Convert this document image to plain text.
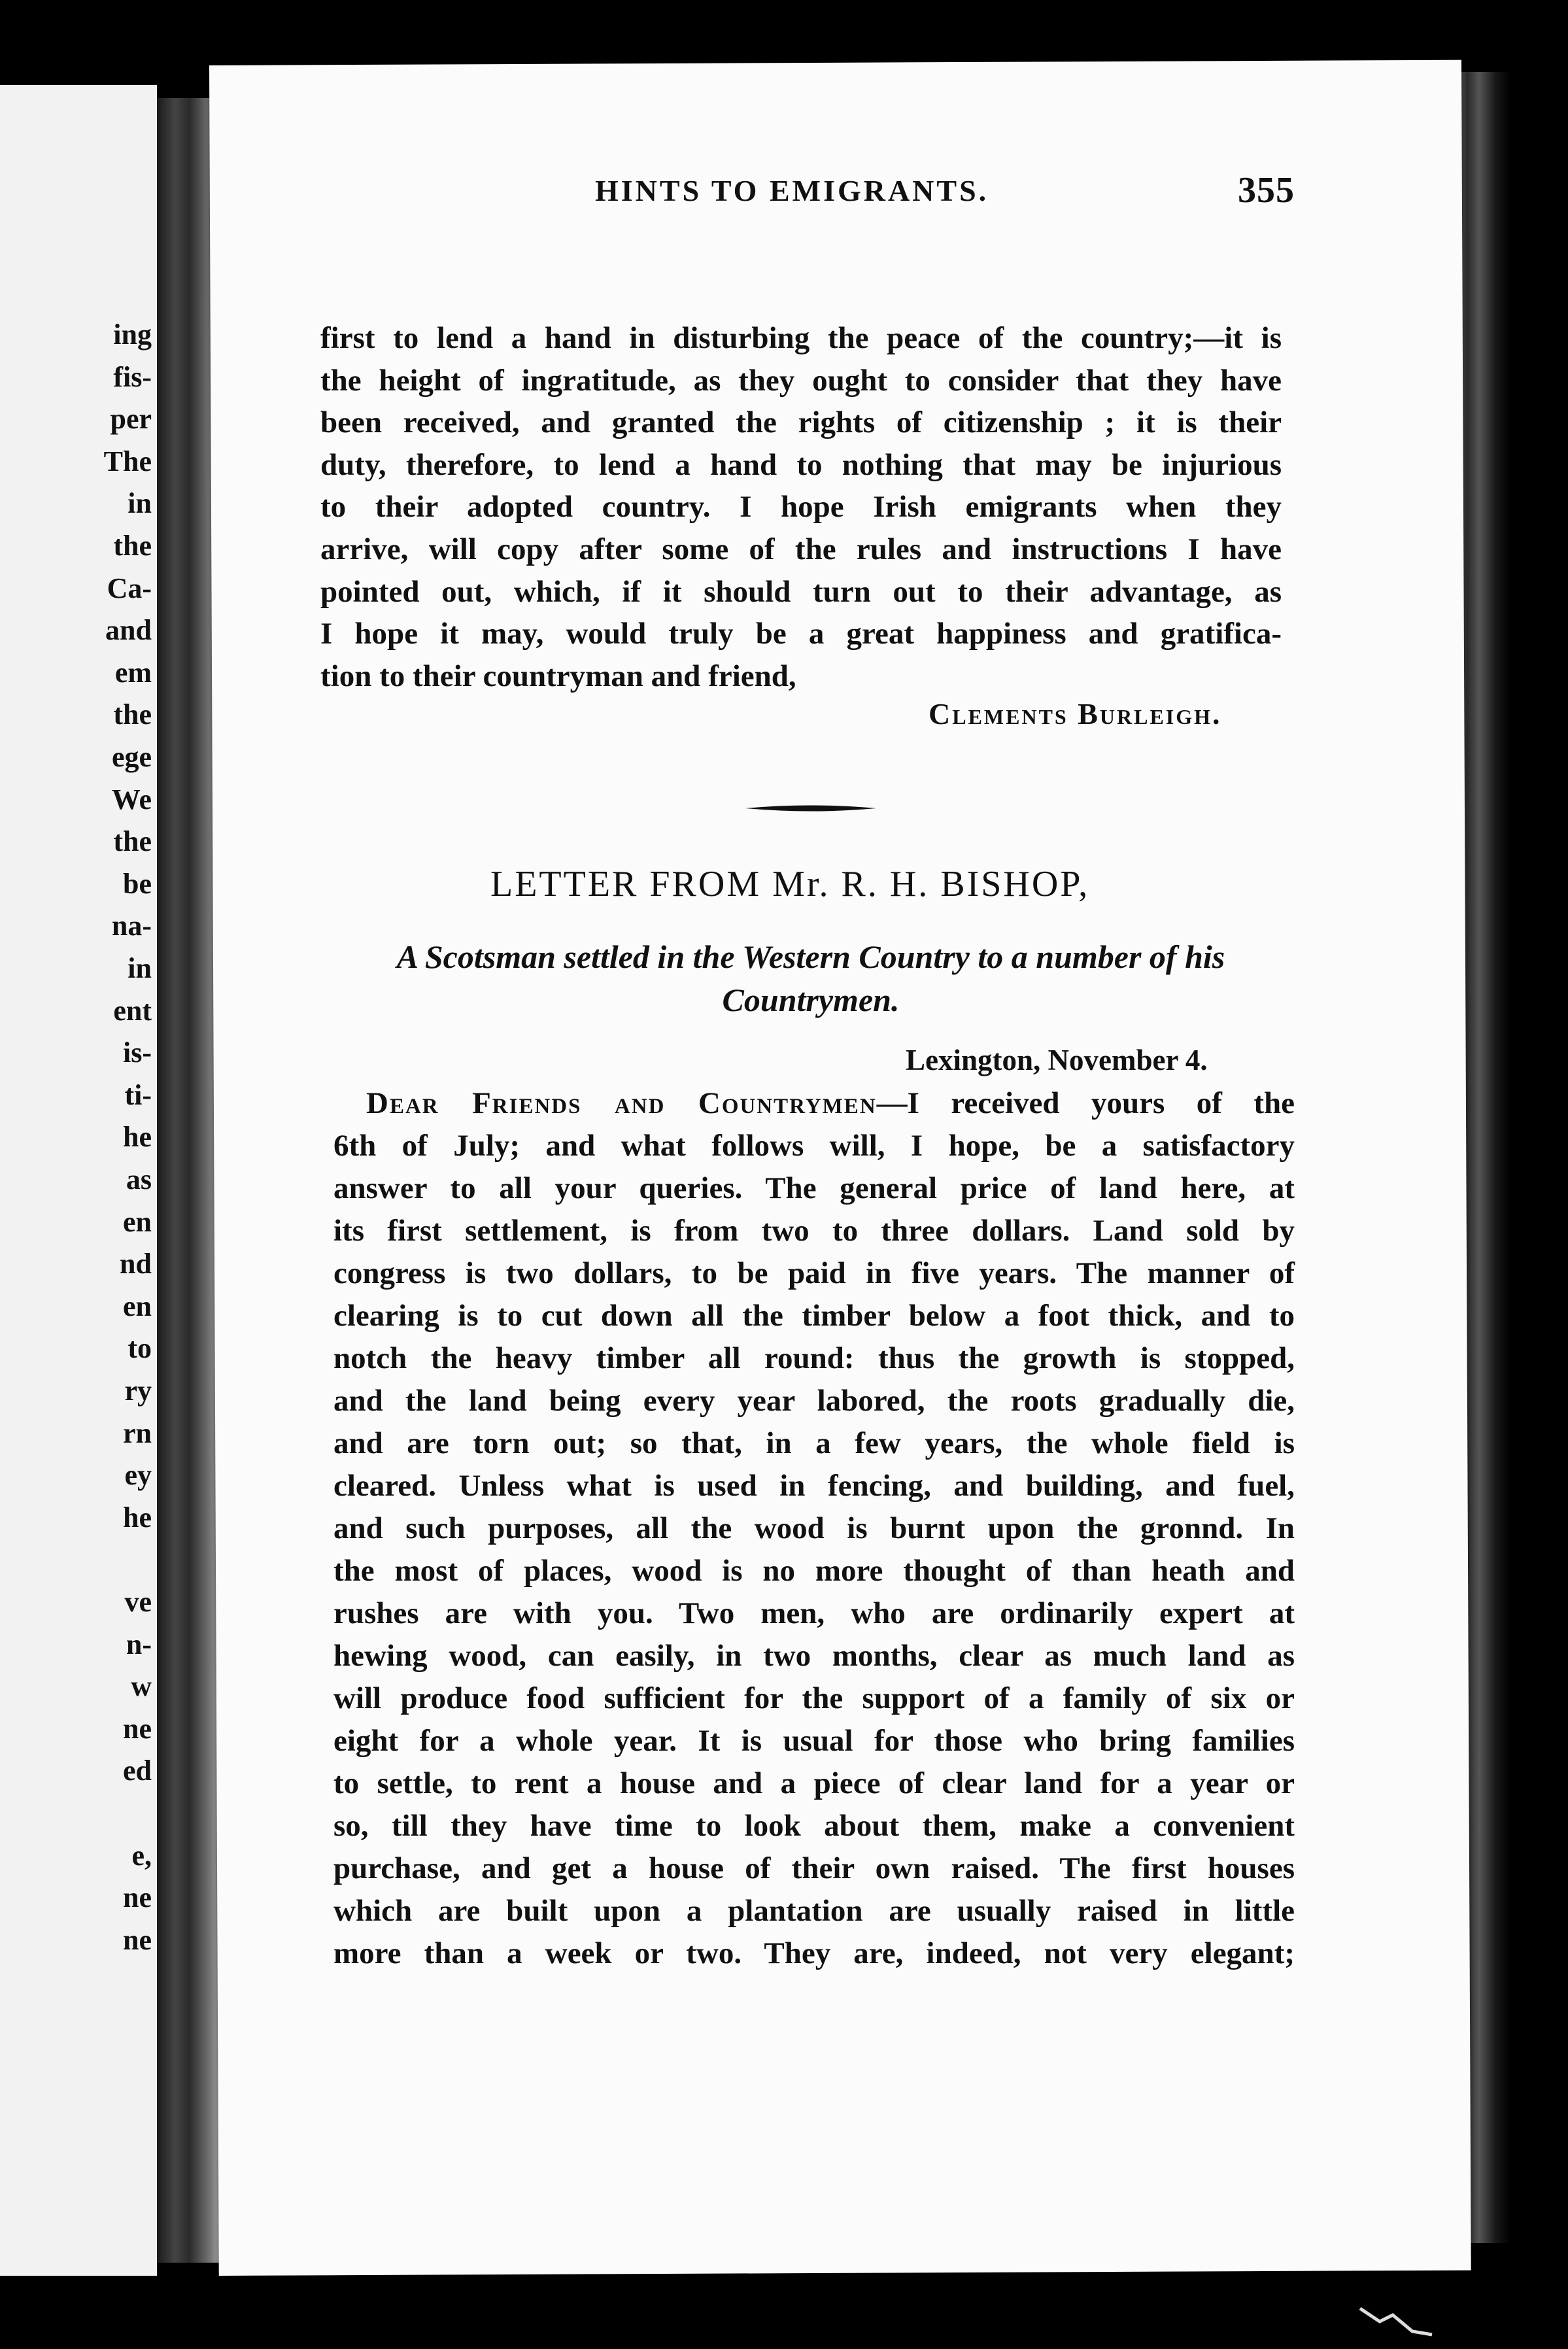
ing
fis-
per
The
in
the
Ca-
and
em
the
ege
We
the
be
na-
in
ent
is-
ti-
he
as
en
nd
en
to
ry
rn
ey
he
ve
n-
w
ne
ed
e,
ne
ne
HINTS TO EMIGRANTS.	355
first to lend a hand in disturbing the peace of the country;—it is
the height of ingratitude, as they ought to consider that they have
been received, and granted the rights of citizenship ; it is their
duty, therefore, to lend a hand to nothing that may be injurious
to their adopted country. I hope Irish emigrants when they
arrive, will copy after some of the rules and instructions I have
pointed out, which, if it should turn out to their advantage, as
I hope it may, would truly be a great happiness and gratifica-
tion to their countryman and friend,
Clements Burleigh.
LETTER FROM Mr. R. H. BISHOP,
A Scotsman settled in the Western Country to a number of his
Countrymen.
Lexington, November 4.
Dear Friends and Countrymen—I received yours of the
6th of July; and what follows will, I hope, be a satisfactory
answer to all your queries. The general price of land here, at
its first settlement, is from two to three dollars. Land sold by
congress is two dollars, to be paid in five years. The manner of
clearing is to cut down all the timber below a foot thick, and to
notch the heavy timber all round: thus the growth is stopped,
and the land being every year labored, the roots gradually die,
and are torn out; so that, in a few years, the whole field is
cleared. Unless what is used in fencing, and building, and fuel,
and such purposes, all the wood is burnt upon the gronnd. In
the most of places, wood is no more thought of than heath and
rushes are with you. Two men, who are ordinarily expert at
hewing wood, can easily, in two months, clear as much land as
will produce food sufficient for the support of a family of six or
eight for a whole year. It is usual for those who bring families
to settle, to rent a house and a piece of clear land for a year or
so, till they have time to look about them, make a convenient
purchase, and get a house of their own raised. The first houses
which are built upon a plantation are usually raised in little
more than a week or two. They are, indeed, not very elegant;
